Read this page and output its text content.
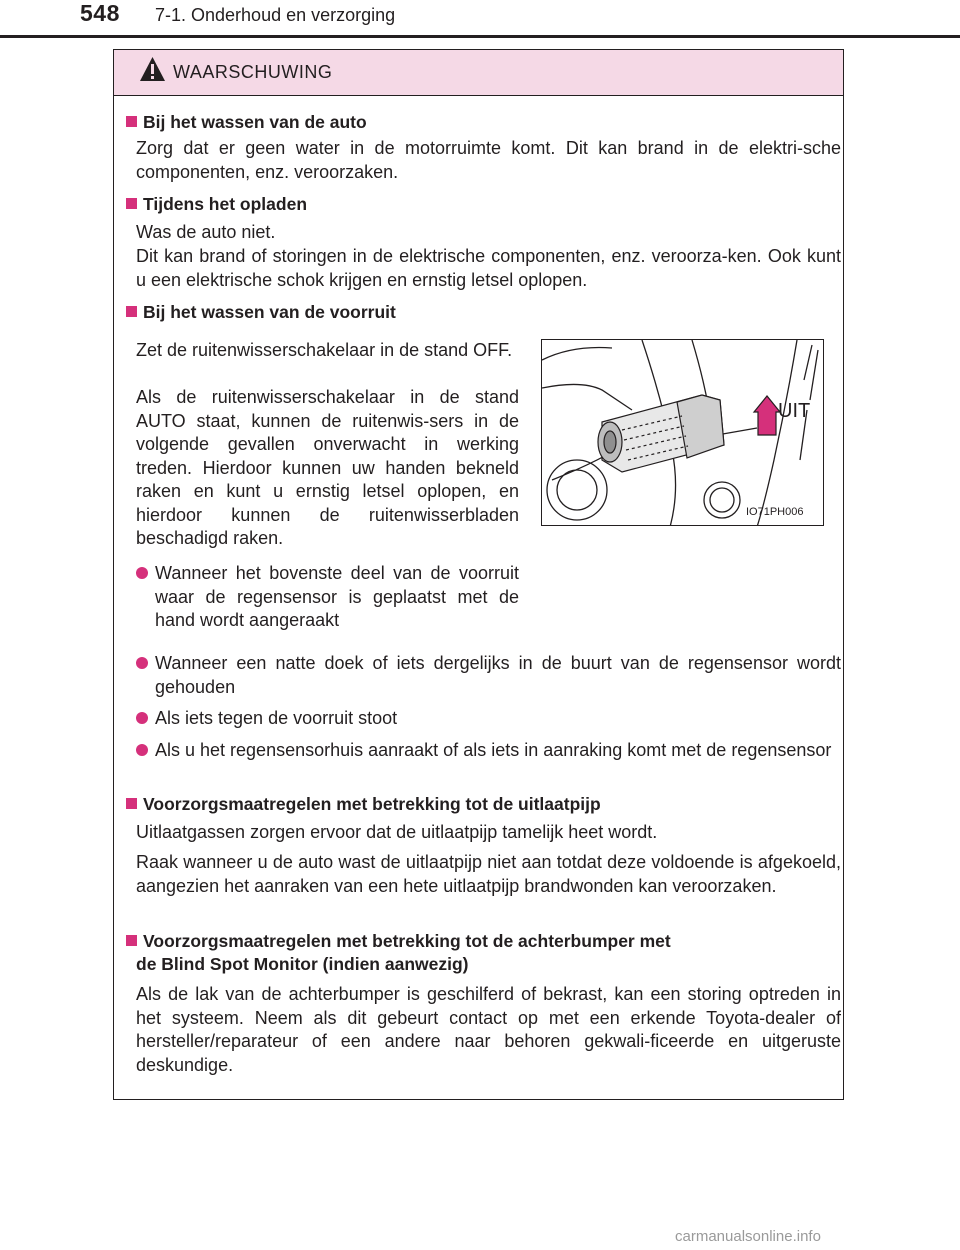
548 7-1. Onderhoud en verzorging
WAARSCHUWING
Bij het wassen van de auto
Zorg dat er geen water in de motorruimte komt. Dit kan brand in de elektri-sche componenten, enz. veroorzaken.
Tijdens het opladen
Was de auto niet.
Dit kan brand of storingen in de elektrische componenten, enz. veroorza-ken. Ook kunt u een elektrische schok krijgen en ernstig letsel oplopen.
Bij het wassen van de voorruit
Zet de ruitenwisserschakelaar in de stand OFF.
Als de ruitenwisserschakelaar in de stand AUTO staat, kunnen de ruitenwis-sers in de volgende gevallen onverwacht in werking treden. Hierdoor kunnen uw handen bekneld raken en kunt u ernstig letsel oplopen, en hierdoor kunnen de ruitenwisserbladen beschadigd raken.
Wanneer het bovenste deel van de voorruit waar de regensensor is geplaatst met de hand wordt aangeraakt
UIT
IO71PH006
Wanneer een natte doek of iets dergelijks in de buurt van de regensensor wordt gehouden
Als iets tegen de voorruit stoot
Als u het regensensorhuis aanraakt of als iets in aanraking komt met de regensensor
Voorzorgsmaatregelen met betrekking tot de uitlaatpijp
Uitlaatgassen zorgen ervoor dat de uitlaatpijp tamelijk heet wordt.
Raak wanneer u de auto wast de uitlaatpijp niet aan totdat deze voldoende is afgekoeld, aangezien het aanraken van een hete uitlaatpijp brandwonden kan veroorzaken.
Voorzorgsmaatregelen met betrekking tot de achterbumper met
de Blind Spot Monitor (indien aanwezig)
Als de lak van de achterbumper is geschilferd of bekrast, kan een storing optreden in het systeem. Neem als dit gebeurt contact op met een erkende Toyota-dealer of hersteller/reparateur of een andere naar behoren gekwali-ficeerde en uitgeruste deskundige.
carmanualsonline.info
